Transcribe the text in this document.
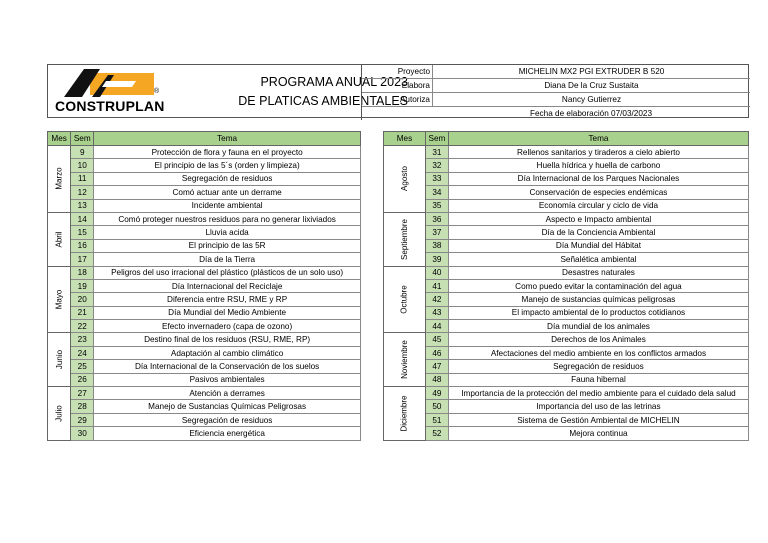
®
CONSTRUPLAN
PROGRAMA ANUAL 2023
DE PLATICAS AMBIENTALES
Proyecto	MICHELIN MX2 PGI EXTRUDER B 520
Elabora	Diana De la Cruz Sustaita
Autoriza	Nancy Gutierrez
Fecha de elaboración 07/03/2023
Mes	Sem	Tema
Marzo	9	Protección de flora y fauna en el proyecto
	10	El principio de las 5´s (orden y limpieza)
	11	Segregación de residuos
	12	Comó actuar ante un derrame
	13	Incidente ambiental
Abril	14	Comó proteger nuestros residuos para no generar lixiviados
	15	Lluvia acida
	16	El principio de las 5R
	17	Día de la Tierra
Mayo	18	Peligros del uso irracional del plástico (plásticos de un solo uso)
	19	Día Internacional del Reciclaje
	20	Diferencia entre RSU, RME y RP
	21	Día Mundial del Medio Ambiente
	22	Efecto invernadero (capa de ozono)
Junio	23	Destino final de los residuos (RSU, RME, RP)
	24	Adaptación al cambio climático
	25	Día Internacional de la Conservación de los suelos
	26	Pasivos ambientales
Julio	27	Atención a derrames
	28	Manejo de Sustancias Químicas Peligrosas
	29	Segregación de residuos
	30	Eficiencia energética
Mes	Sem	Tema
Agosto	31	Rellenos sanitarios y tiraderos a cielo abierto
	32	Huella hídrica y huella de carbono
	33	Día Internacional de los Parques Nacionales
	34	Conservación de especies endémicas
	35	Economía circular y ciclo de vida
Septiembre	36	Aspecto e Impacto ambiental
	37	Día de la Conciencia Ambiental
	38	Día Mundial del Hábitat
	39	Señalética ambiental
Octubre	40	Desastres naturales
	41	Como puedo evitar la contaminación del agua
	42	Manejo de sustancias químicas peligrosas
	43	El impacto ambiental de lo productos cotidianos
	44	Día mundial de los animales
Noviembre	45	Derechos de los Animales
	46	Afectaciones del medio ambiente en los conflictos armados
	47	Segregación de residuos
	48	Fauna hibernal
Diciembre	49	Importancia de la protección del medio ambiente para el cuidado dela salud
	50	Importancia del uso de las letrinas
	51	Sistema de Gestión Ambiental de MICHELIN
	52	Mejora continua
